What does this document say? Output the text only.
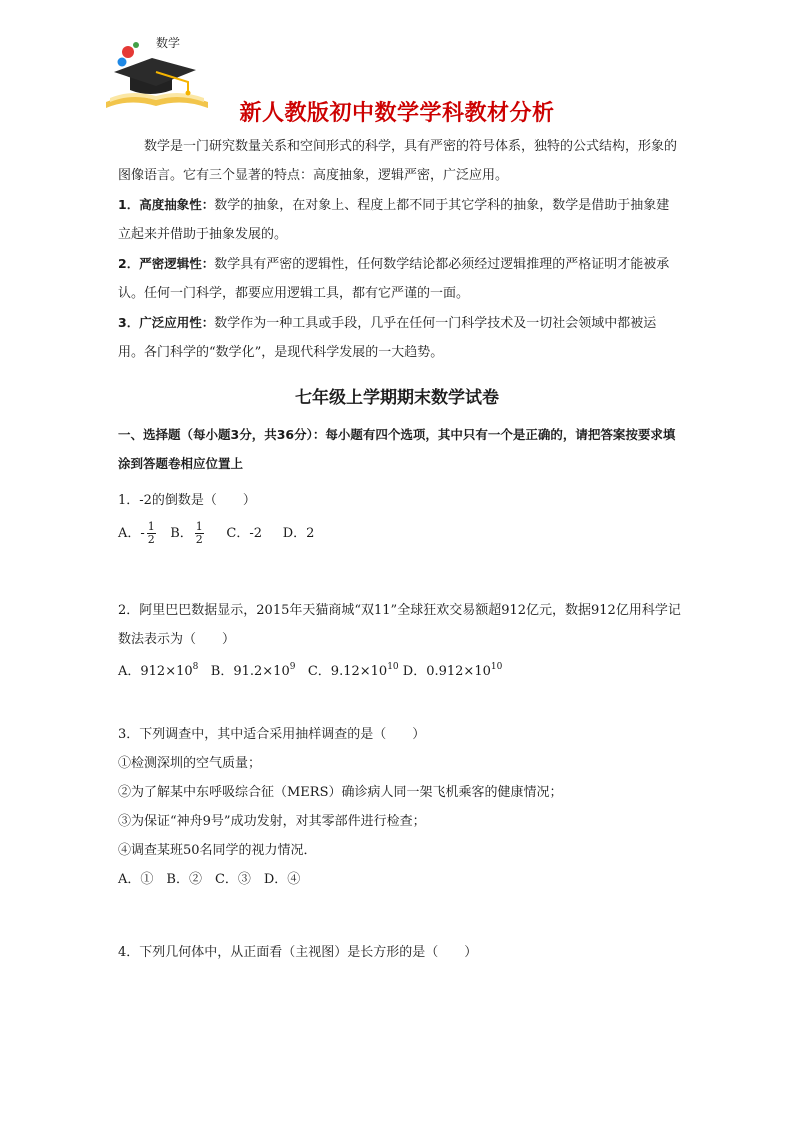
数学
新人教版初中数学学科教材分析

数学是一门研究数量关系和空间形式的科学，具有严密的符号体系，独特的公式结构，形象的图像语言。它有三个显著的特点：高度抽象，逻辑严密，广泛应用。

1．高度抽象性：数学的抽象，在对象上、程度上都不同于其它学科的抽象，数学是借助于抽象建立起来并借助于抽象发展的。

2．严密逻辑性：数学具有严密的逻辑性，任何数学结论都必须经过逻辑推理的严格证明才能被承认。任何一门科学，都要应用逻辑工具，都有它严谨的一面。

3．广泛应用性：数学作为一种工具或手段，几乎在任何一门科学技术及一切社会领域中都被运用。各门科学的“数学化”，是现代科学发展的一大趋势。

七年级上学期期末数学试卷
一、选择题（每小题3分，共36分）：每小题有四个选项，其中只有一个是正确的，请把答案按要求填涂到答题卷相应位置上

1．-2的倒数是（　　）

A．- $\frac{1}{2}$ B． $\frac{1}{2}$ C．-2 D．2

2．阿里巴巴数据显示，2015年天猫商城“双11”全球狂欢交易额超912亿元，数据912亿用科学记数法表示为（　　）

A．$912\times 10^8$ B．$91.2\times 10^9$ C．$9.12\times 10^{10}$ D．$0.912\times 10^{10}$

3．下列调查中，其中适合采用抽样调查的是（　　）

①检测深圳的空气质量；

②为了解某中东呼吸综合征（MERS）确诊病人同一架飞机乘客的健康情况；

③为保证“神舟9号”成功发射，对其零部件进行检查；

④调查某班50名同学的视力情况．

A．①　B．②　C．③　D．④

4．下列几何体中，从正面看（主视图）是长方形的是（　　）
